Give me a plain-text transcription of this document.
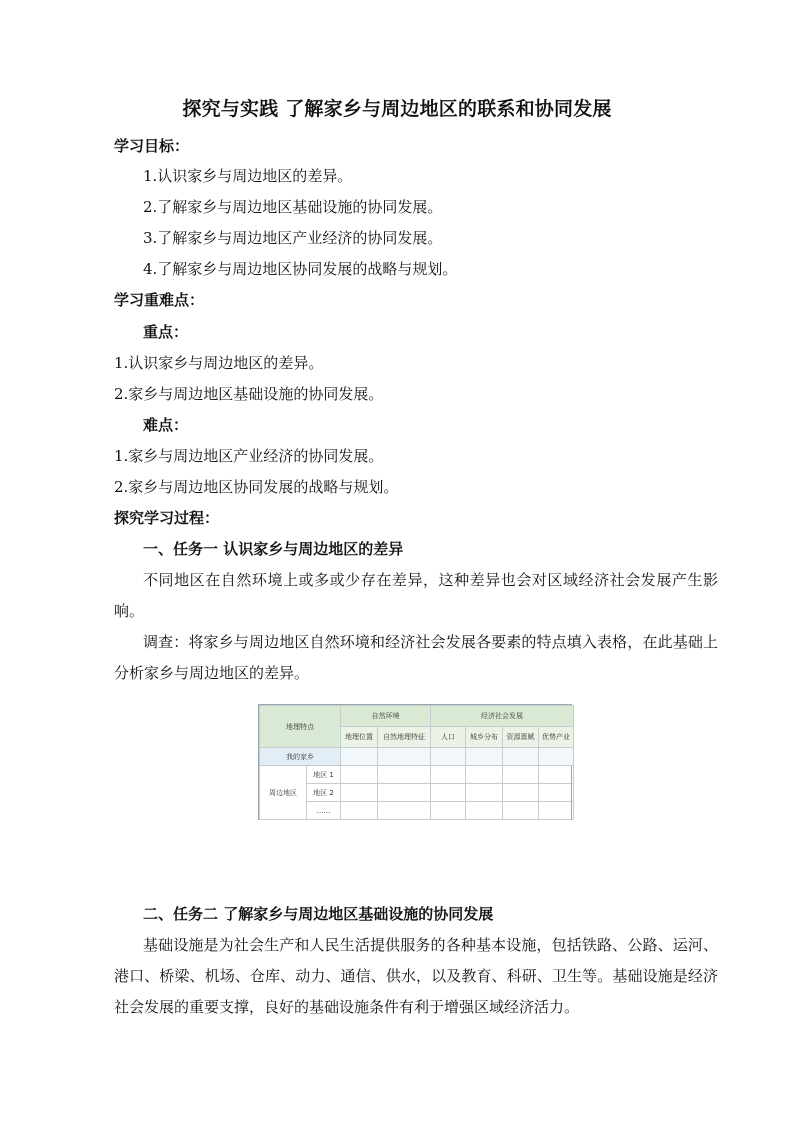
探究与实践 了解家乡与周边地区的联系和协同发展
学习目标：
1.认识家乡与周边地区的差异。
2.了解家乡与周边地区基础设施的协同发展。
3.了解家乡与周边地区产业经济的协同发展。
4.了解家乡与周边地区协同发展的战略与规划。
学习重难点：
重点：
1.认识家乡与周边地区的差异。
2.家乡与周边地区基础设施的协同发展。
难点：
1.家乡与周边地区产业经济的协同发展。
2.家乡与周边地区协同发展的战略与规划。
探究学习过程：
一、任务一 认识家乡与周边地区的差异
不同地区在自然环境上或多或少存在差异，这种差异也会对区域经济社会发展产生影响。
调查：将家乡与周边地区自然环境和经济社会发展各要素的特点填入表格，在此基础上分析家乡与周边地区的差异。
地理特点		自然环境		经济社会发展			
		地理位置	自然地理特征	人口	城乡分布	资源禀赋	优势产业
我的家乡							
周边地区	地区 1						
	地区 2						
	……						
二、任务二 了解家乡与周边地区基础设施的协同发展
基础设施是为社会生产和人民生活提供服务的各种基本设施，包括铁路、公路、运河、港口、桥梁、机场、仓库、动力、通信、供水，以及教育、科研、卫生等。基础设施是经济社会发展的重要支撑，良好的基础设施条件有利于增强区域经济活力。
